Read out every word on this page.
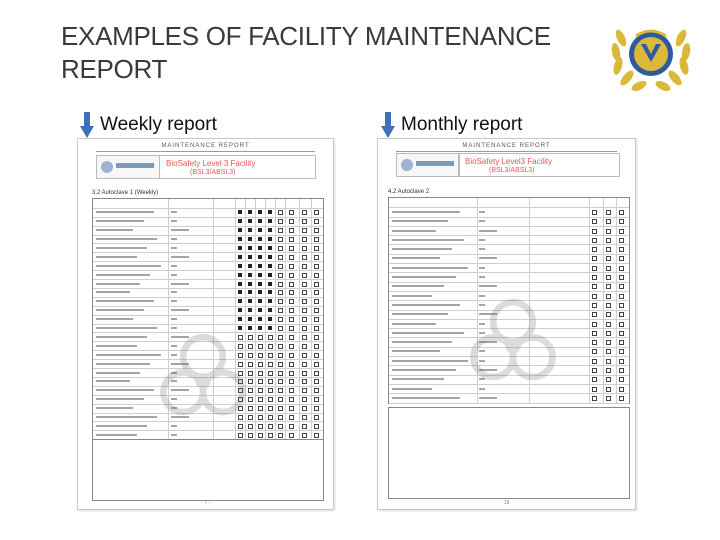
EXAMPLES OF FACILITY MAINTENANCE REPORT
Weekly report	Monthly report
MAINTENANCE REPORT
BioSafety Level 3 Facility
(BSL3/ABSL3)
3.2 Autoclave 1 (Weekly)
- 7 -
MAINTENANCE REPORT
BioSafety Level3 Facility
(BSL3/ABSL3)
4.2 Autoclave 2
18
